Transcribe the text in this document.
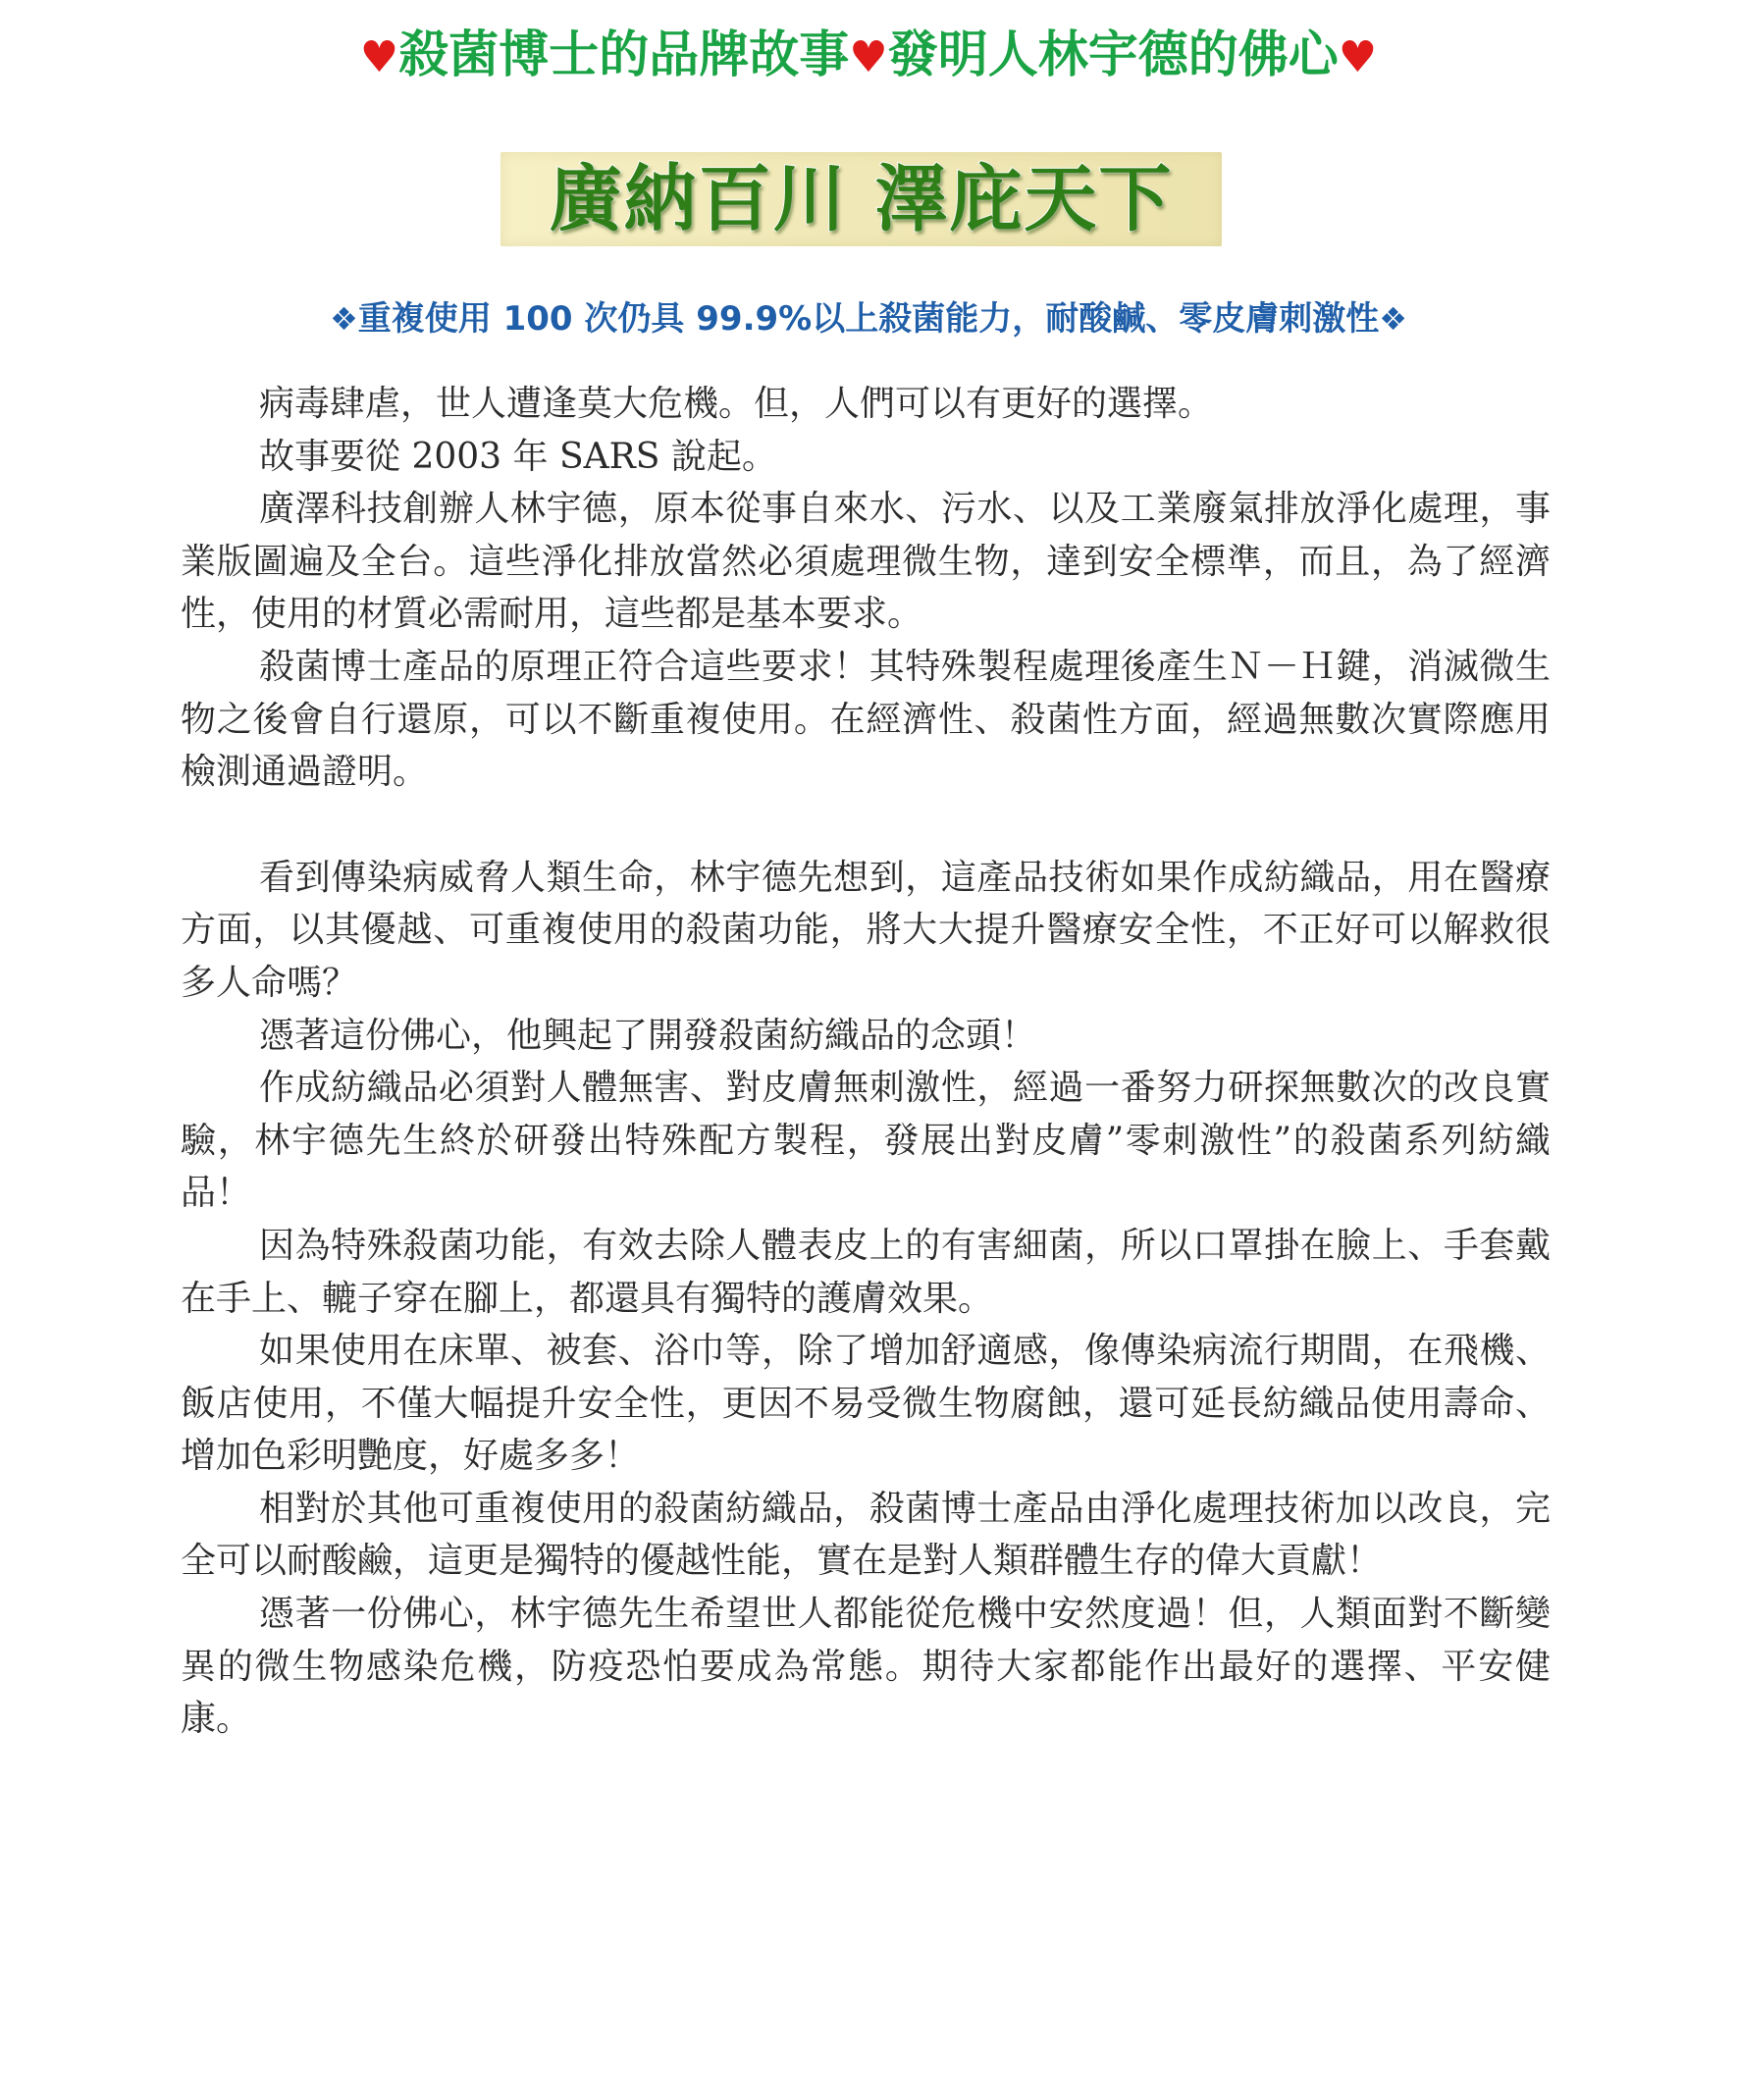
♥殺菌博士的品牌故事♥發明人林宇德的佛心♥
廣納百川 澤庇天下
❖重複使用 100 次仍具 99.9%以上殺菌能力，耐酸鹹、零皮膚刺激性❖

病毒肆虐，世人遭逢莫大危機。但，人們可以有更好的選擇。

故事要從 2003 年 SARS 說起。

廣澤科技創辦人林宇德，原本從事自來水、污水、以及工業廢氣排放淨化處理，事業版圖遍及全台。這些淨化排放當然必須處理微生物，達到安全標準，而且，為了經濟性，使用的材質必需耐用，這些都是基本要求。

殺菌博士產品的原理正符合這些要求！其特殊製程處理後產生Ｎ－Ｈ鍵，消滅微生物之後會自行還原，可以不斷重複使用。在經濟性、殺菌性方面，經過無數次實際應用檢測通過證明。

看到傳染病威脅人類生命，林宇德先想到，這產品技術如果作成紡織品，用在醫療方面，以其優越、可重複使用的殺菌功能，將大大提升醫療安全性，不正好可以解救很多人命嗎？

憑著這份佛心，他興起了開發殺菌紡織品的念頭！

作成紡織品必須對人體無害、對皮膚無刺激性，經過一番努力研探無數次的改良實驗，林宇德先生終於研發出特殊配方製程，發展出對皮膚”零刺激性”的殺菌系列紡織品！

因為特殊殺菌功能，有效去除人體表皮上的有害細菌，所以口罩掛在臉上、手套戴在手上、轆子穿在腳上，都還具有獨特的護膚效果。

如果使用在床單、被套、浴巾等，除了增加舒適感，像傳染病流行期間，在飛機、飯店使用，不僅大幅提升安全性，更因不易受微生物腐蝕，還可延長紡織品使用壽命、增加色彩明艷度，好處多多！

相對於其他可重複使用的殺菌紡織品，殺菌博士產品由淨化處理技術加以改良，完全可以耐酸鹼，這更是獨特的優越性能，實在是對人類群體生存的偉大貢獻！

憑著一份佛心，林宇德先生希望世人都能從危機中安然度過！但，人類面對不斷變異的微生物感染危機，防疫恐怕要成為常態。期待大家都能作出最好的選擇、平安健康。
